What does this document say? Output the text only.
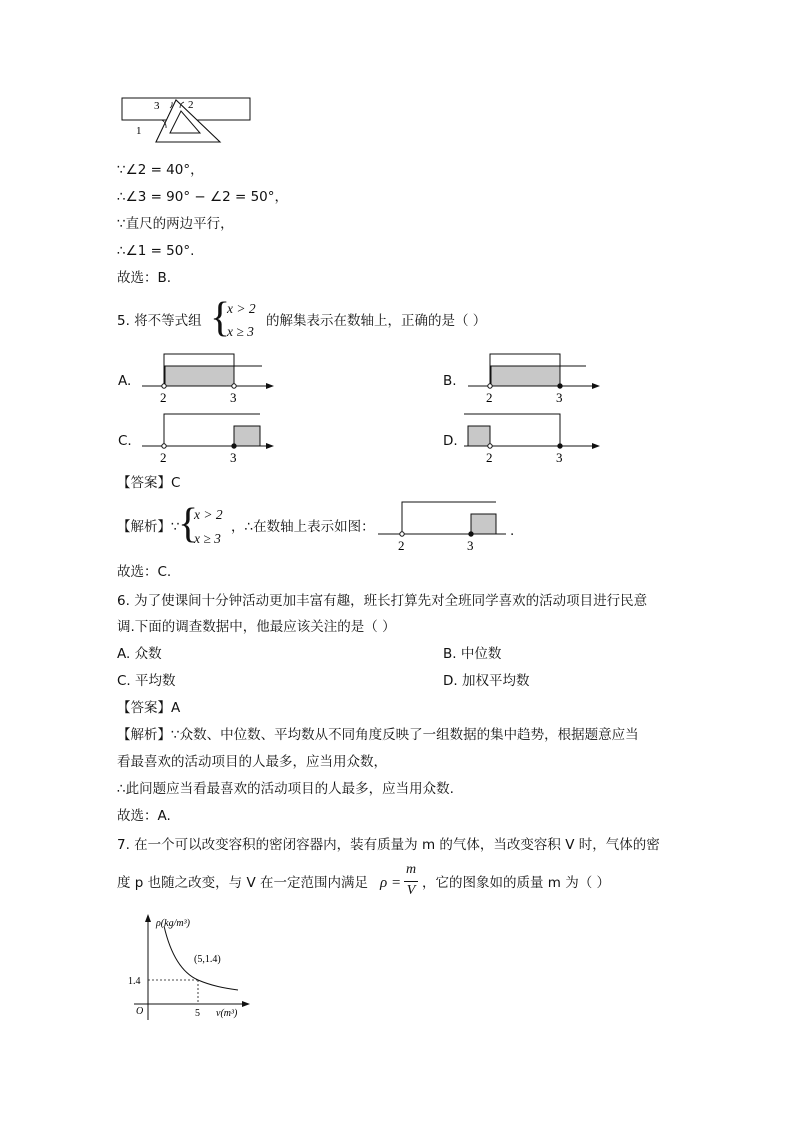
3	2
1
∵∠2 = 40°，
∴∠3 = 90° − ∠2 = 50°，
∵直尺的两边平行，
∴∠1 = 50°.
故选：B.
5. 将不等式组 {
x > 2
x ≥ 3
的解集表示在数轴上，正确的是（ ）
A.
2	3
B.
2	3
C.
2	3
D.
2	3
【答案】C
【解析】∵
{
x > 2
x ≥ 3
，∴在数轴上表示如图：
2	3
.
故选：C.
6. 为了使课间十分钟活动更加丰富有趣，班长打算先对全班同学喜欢的活动项目进行民意
调.下面的调查数据中，他最应该关注的是（ ）
A. 众数	B. 中位数
C. 平均数	D. 加权平均数
【答案】A
【解析】∵众数、中位数、平均数从不同角度反映了一组数据的集中趋势，根据题意应当
看最喜欢的活动项目的人最多，应当用众数，
∴此问题应当看最喜欢的活动项目的人最多，应当用众数.
故选：A.
7. 在一个可以改变容积的密闭容器内，装有质量为 m 的气体，当改变容积 V 时，气体的密
度 p 也随之改变，与 V 在一定范围内满足 ρ =
m
V ，它的图象如的质量 m 为（ ）
ρ(kg/m³)
(5,1.4)
1.4
O	5 v(m³)
